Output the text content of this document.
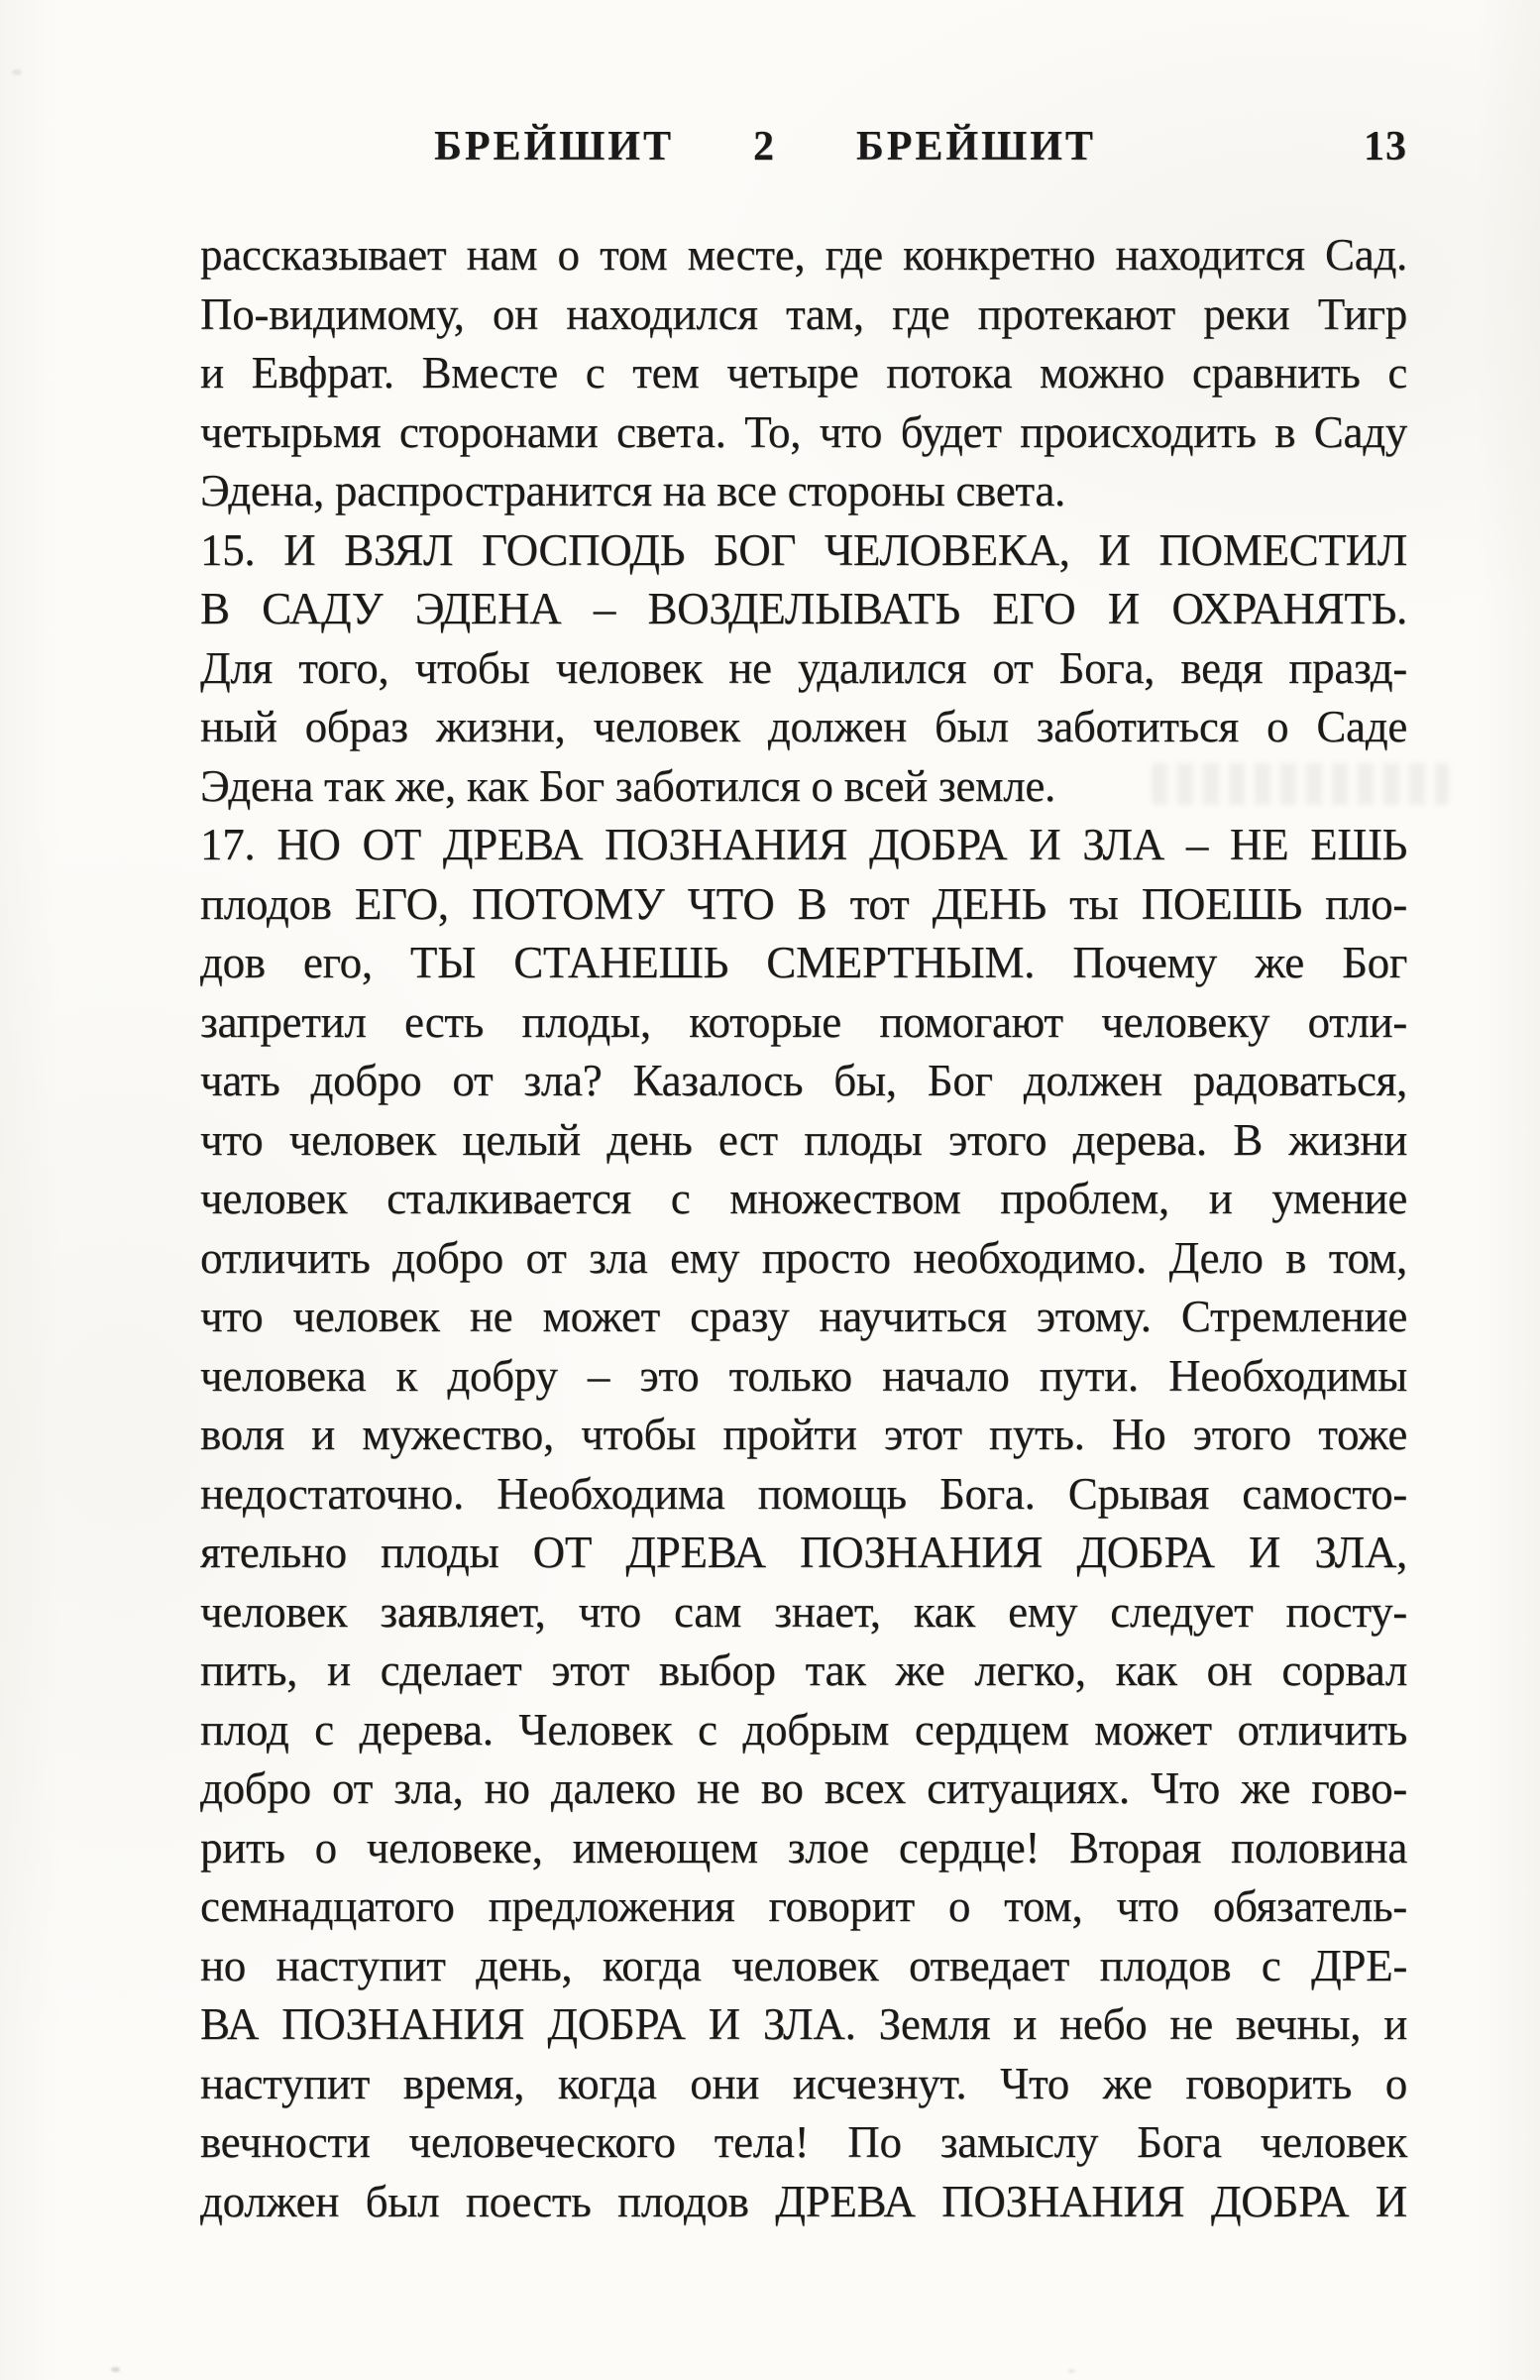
БРЕЙШИТ 2 БРЕЙШИТ	13
рассказывает нам о том месте, где конкретно находится Сад.
По-видимому, он находился там, где протекают реки Тигр
и Евфрат. Вместе с тем четыре потока можно сравнить с
четырьмя сторонами света. То, что будет происходить в Саду
Эдена, распространится на все стороны света.
15. И ВЗЯЛ ГОСПОДЬ БОГ ЧЕЛОВЕКА, И ПОМЕСТИЛ
В САДУ ЭДЕНА – ВОЗДЕЛЫВАТЬ ЕГО И ОХРАНЯТЬ.
Для того, чтобы человек не удалился от Бога, ведя празд-
ный образ жизни, человек должен был заботиться о Саде
Эдена так же, как Бог заботился о всей земле.
17. НО ОТ ДРЕВА ПОЗНАНИЯ ДОБРА И ЗЛА – НЕ ЕШЬ
плодов ЕГО, ПОТОМУ ЧТО В тот ДЕНЬ ты ПОЕШЬ пло-
дов его, ТЫ СТАНЕШЬ СМЕРТНЫМ. Почему же Бог
запретил есть плоды, которые помогают человеку отли-
чать добро от зла? Казалось бы, Бог должен радоваться,
что человек целый день ест плоды этого дерева. В жизни
человек сталкивается с множеством проблем, и умение
отличить добро от зла ему просто необходимо. Дело в том,
что человек не может сразу научиться этому. Стремление
человека к добру – это только начало пути. Необходимы
воля и мужество, чтобы пройти этот путь. Но этого тоже
недостаточно. Необходима помощь Бога. Срывая самосто-
ятельно плоды ОТ ДРЕВА ПОЗНАНИЯ ДОБРА И ЗЛА,
человек заявляет, что сам знает, как ему следует посту-
пить, и сделает этот выбор так же легко, как он сорвал
плод с дерева. Человек с добрым сердцем может отличить
добро от зла, но далеко не во всех ситуациях. Что же гово-
рить о человеке, имеющем злое сердце! Вторая половина
семнадцатого предложения говорит о том, что обязатель-
но наступит день, когда человек отведает плодов с ДРЕ-
ВА ПОЗНАНИЯ ДОБРА И ЗЛА. Земля и небо не вечны, и
наступит время, когда они исчезнут. Что же говорить о
вечности человеческого тела! По замыслу Бога человек
должен был поесть плодов ДРЕВА ПОЗНАНИЯ ДОБРА И
